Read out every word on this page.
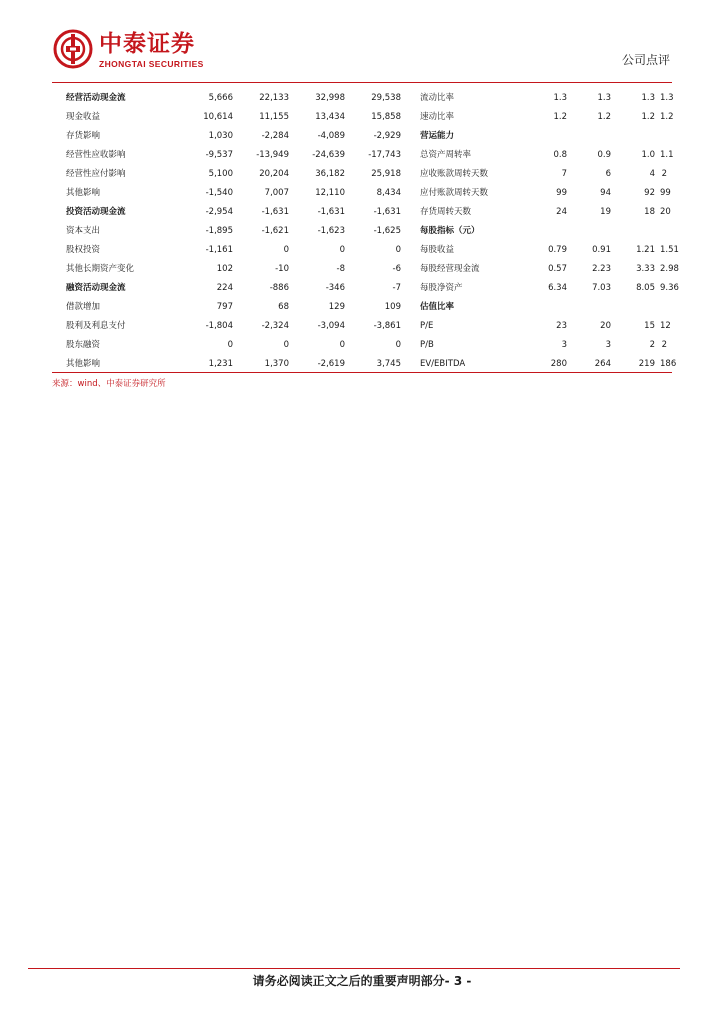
中泰证券
ZHONGTAI SECURITIES	公司点评
经营活动现金流	5,666	22,133	32,998	29,538	流动比率	1.3	1.3	1.3	1.3
现金收益	10,614	11,155	13,434	15,858	速动比率	1.2	1.2	1.2	1.2
存货影响	1,030	-2,284	-4,089	-2,929	营运能力				
经营性应收影响	-9,537	-13,949	-24,639	-17,743	总资产周转率	0.8	0.9	1.0	1.1
经营性应付影响	5,100	20,204	36,182	25,918	应收账款周转天数	7	6	4	2
其他影响	-1,540	7,007	12,110	8,434	应付账款周转天数	99	94	92	99
投资活动现金流	-2,954	-1,631	-1,631	-1,631	存货周转天数	24	19	18	20
资本支出	-1,895	-1,621	-1,623	-1,625	每股指标（元）				
股权投资	-1,161	0	0	0	每股收益	0.79	0.91	1.21	1.51
其他长期资产变化	102	-10	-8	-6	每股经营现金流	0.57	2.23	3.33	2.98
融资活动现金流	224	-886	-346	-7	每股净资产	6.34	7.03	8.05	9.36
借款增加	797	68	129	109	估值比率				
股利及利息支付	-1,804	-2,324	-3,094	-3,861	P/E	23	20	15	12
股东融资	0	0	0	0	P/B	3	3	2	2
其他影响	1,231	1,370	-2,619	3,745	EV/EBITDA	280	264	219	186
来源：wind、中泰证券研究所
请务必阅读正文之后的重要声明部分- 3 -
